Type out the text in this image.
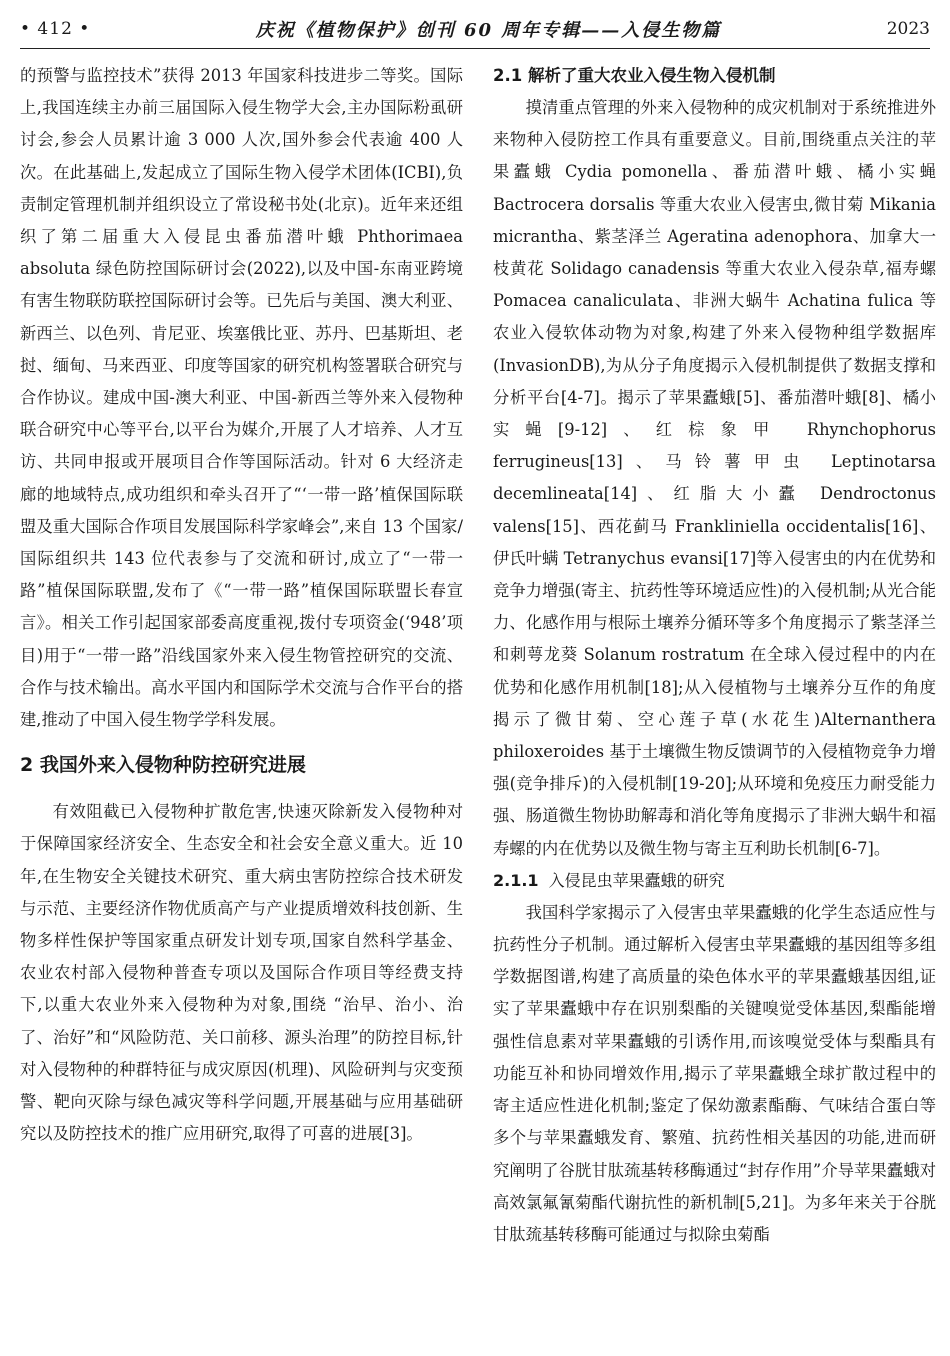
• 412 •	庆祝《植物保护》创刊 60 周年专辑——入侵生物篇	2023

的预警与监控技术”获得 2013 年国家科技进步二等奖。国际上,我国连续主办前三届国际入侵生物学大会,主办国际粉虱研讨会,参会人员累计逾 3 000 人次,国外参会代表逾 400 人次。在此基础上,发起成立了国际生物入侵学术团体(ICBI),负责制定管理机制并组织设立了常设秘书处(北京)。近年来还组织了第二届重大入侵昆虫番茄潜叶蛾 Phthorimaea absoluta 绿色防控国际研讨会(2022),以及中国-东南亚跨境有害生物联防联控国际研讨会等。已先后与美国、澳大利亚、新西兰、以色列、肯尼亚、埃塞俄比亚、苏丹、巴基斯坦、老挝、缅甸、马来西亚、印度等国家的研究机构签署联合研究与合作协议。建成中国-澳大利亚、中国-新西兰等外来入侵物种联合研究中心等平台,以平台为媒介,开展了人才培养、人才互访、共同申报或开展项目合作等国际活动。针对 6 大经济走廊的地域特点,成功组织和牵头召开了“‘一带一路’植保国际联盟及重大国际合作项目发展国际科学家峰会”,来自 13 个国家/国际组织共 143 位代表参与了交流和研讨,成立了“一带一路”植保国际联盟,发布了《“一带一路”植保国际联盟长春宣言》。相关工作引起国家部委高度重视,拨付专项资金(‘948’项目)用于“一带一路”沿线国家外来入侵生物管控研究的交流、合作与技术输出。高水平国内和国际学术交流与合作平台的搭建,推动了中国入侵生物学学科发展。

2 我国外来入侵物种防控研究进展

有效阻截已入侵物种扩散危害,快速灭除新发入侵物种对于保障国家经济安全、生态安全和社会安全意义重大。近 10 年,在生物安全关键技术研究、重大病虫害防控综合技术研发与示范、主要经济作物优质高产与产业提质增效科技创新、生物多样性保护等国家重点研发计划专项,国家自然科学基金、农业农村部入侵物种普查专项以及国际合作项目等经费支持下,以重大农业外来入侵物种为对象,围绕 “治早、治小、治了、治好”和“风险防范、关口前移、源头治理”的防控目标,针对入侵物种的种群特征与成灾原因(机理)、风险研判与灾变预警、靶向灭除与绿色减灾等科学问题,开展基础与应用基础研究以及防控技术的推广应用研究,取得了可喜的进展[3]。

2.1 解析了重大农业入侵生物入侵机制

摸清重点管理的外来入侵物种的成灾机制对于系统推进外来物种入侵防控工作具有重要意义。目前,围绕重点关注的苹果蠹蛾 Cydia pomonella、番茄潜叶蛾、橘小实蝇 Bactrocera dorsalis 等重大农业入侵害虫,微甘菊 Mikania micrantha、紫茎泽兰 Ageratina adenophora、加拿大一枝黄花 Solidago canadensis 等重大农业入侵杂草,福寿螺 Pomacea canaliculata、非洲大蜗牛 Achatina fulica 等农业入侵软体动物为对象,构建了外来入侵物种组学数据库(InvasionDB),为从分子角度揭示入侵机制提供了数据支撑和分析平台[4-7]。揭示了苹果蠹蛾[5]、番茄潜叶蛾[8]、橘小实蝇[9-12]、红棕象甲 Rhynchophorus ferrugineus[13]、马铃薯甲虫 Leptinotarsa decemlineata[14]、红脂大小蠹 Dendroctonus valens[15]、西花蓟马 Frankliniella occidentalis[16]、伊氏叶螨 Tetranychus evansi[17]等入侵害虫的内在优势和竞争力增强(寄主、抗药性等环境适应性)的入侵机制;从光合能力、化感作用与根际土壤养分循环等多个角度揭示了紫茎泽兰和刺萼龙葵 Solanum rostratum 在全球入侵过程中的内在优势和化感作用机制[18];从入侵植物与土壤养分互作的角度揭示了微甘菊、空心莲子草(水花生)Alternanthera philoxeroides 基于土壤微生物反馈调节的入侵植物竞争力增强(竞争排斥)的入侵机制[19-20];从环境和免疫压力耐受能力强、肠道微生物协助解毒和消化等角度揭示了非洲大蜗牛和福寿螺的内在优势以及微生物与寄主互利助长机制[6-7]。

2.1.1 入侵昆虫苹果蠹蛾的研究

我国科学家揭示了入侵害虫苹果蠹蛾的化学生态适应性与抗药性分子机制。通过解析入侵害虫苹果蠹蛾的基因组等多组学数据图谱,构建了高质量的染色体水平的苹果蠹蛾基因组,证实了苹果蠹蛾中存在识别梨酯的关键嗅觉受体基因,梨酯能增强性信息素对苹果蠹蛾的引诱作用,而该嗅觉受体与梨酯具有功能互补和协同增效作用,揭示了苹果蠹蛾全球扩散过程中的寄主适应性进化机制;鉴定了保幼激素酯酶、气味结合蛋白等多个与苹果蠹蛾发育、繁殖、抗药性相关基因的功能,进而研究阐明了谷胱甘肽巯基转移酶通过“封存作用”介导苹果蠹蛾对高效氯氟氰菊酯代谢抗性的新机制[5,21]。为多年来关于谷胱甘肽巯基转移酶可能通过与拟除虫菊酯
